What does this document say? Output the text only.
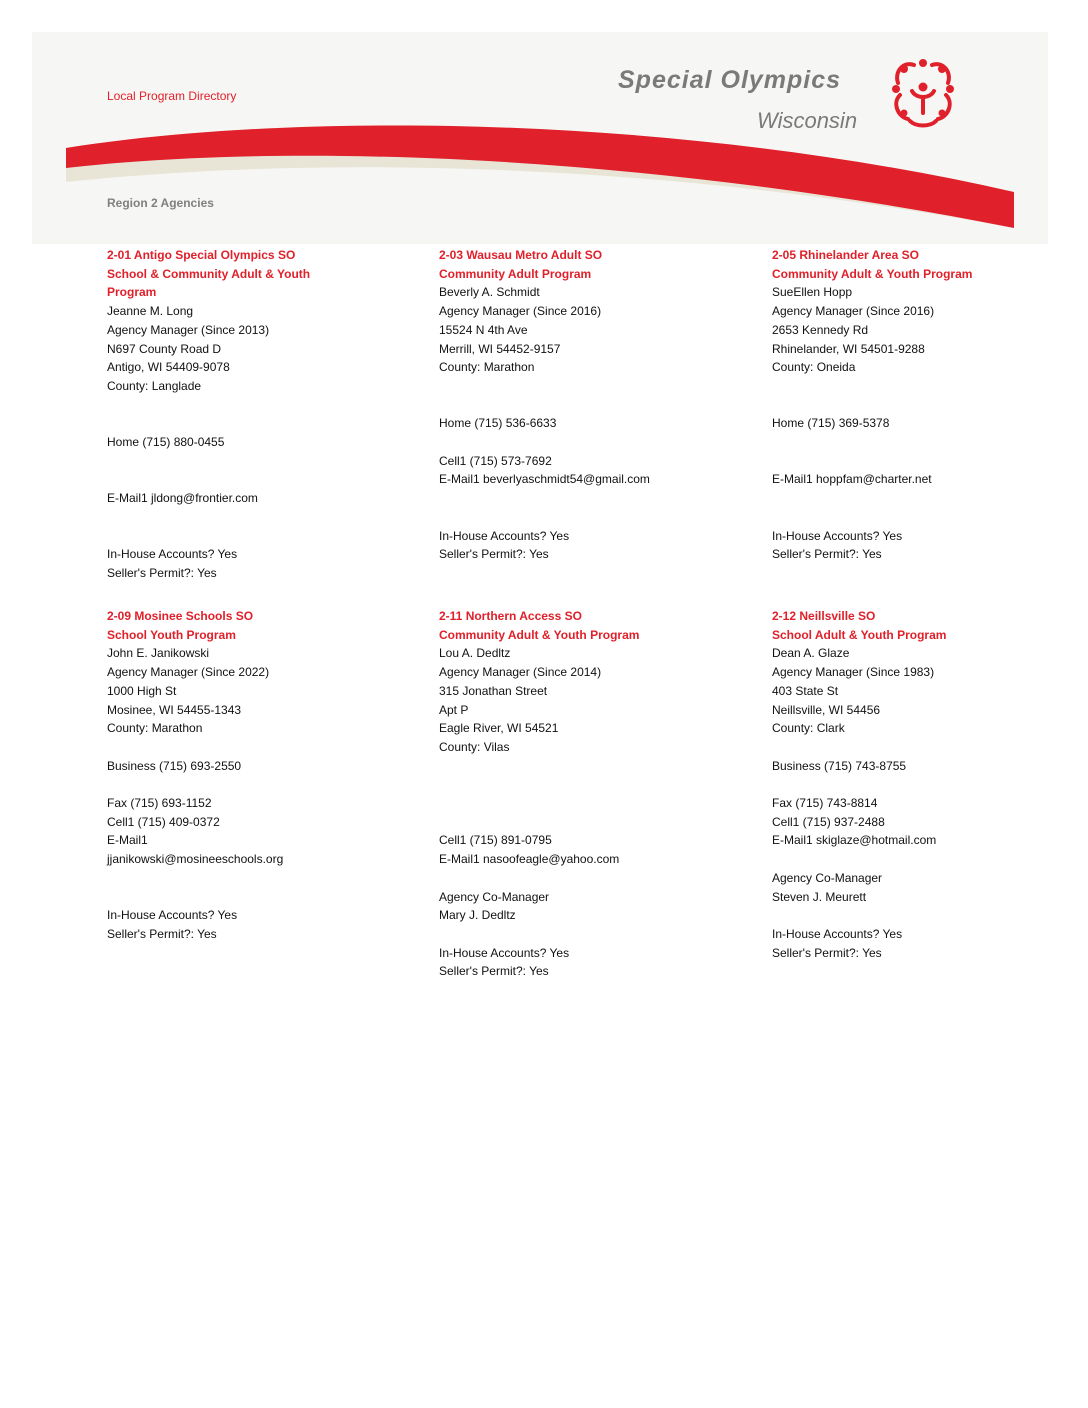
Local Program Directory
Special Olympics
Wisconsin
Region 2 Agencies
2-01 Antigo Special Olympics SO
School & Community Adult & Youth Program
Jeanne M. Long
Agency Manager (Since 2013)
N697 County Road D
Antigo, WI 54409-9078
County: Langlade
Home (715) 880-0455
E-Mail1 jldong@frontier.com
In-House Accounts? Yes
Seller's Permit?: Yes
2-03 Wausau Metro Adult SO
Community Adult Program
Beverly A. Schmidt
Agency Manager (Since 2016)
15524 N 4th Ave
Merrill, WI 54452-9157
County: Marathon
Home (715) 536-6633
Cell1 (715) 573-7692
E-Mail1 beverlyaschmidt54@gmail.com
In-House Accounts? Yes
Seller's Permit?: Yes
2-05 Rhinelander Area SO
Community Adult & Youth Program
SueEllen Hopp
Agency Manager (Since 2016)
2653 Kennedy Rd
Rhinelander, WI 54501-9288
County: Oneida
Home (715) 369-5378
E-Mail1 hoppfam@charter.net
In-House Accounts? Yes
Seller's Permit?: Yes
2-09 Mosinee Schools SO
School Youth Program
John E. Janikowski
Agency Manager (Since 2022)
1000 High St
Mosinee, WI 54455-1343
County: Marathon
Business (715) 693-2550
Fax (715) 693-1152
Cell1 (715) 409-0372
E-Mail1
jjanikowski@mosineeschools.org
In-House Accounts? Yes
Seller's Permit?: Yes
2-11 Northern Access SO
Community Adult & Youth Program
Lou A. Dedltz
Agency Manager (Since 2014)
315 Jonathan Street
Apt P
Eagle River, WI 54521
County: Vilas
Cell1 (715) 891-0795
E-Mail1 nasoofeagle@yahoo.com
Agency Co-Manager
Mary J. Dedltz
In-House Accounts? Yes
Seller's Permit?: Yes
2-12 Neillsville SO
School Adult & Youth Program
Dean A. Glaze
Agency Manager (Since 1983)
403 State St
Neillsville, WI 54456
County: Clark
Business (715) 743-8755
Fax (715) 743-8814
Cell1 (715) 937-2488
E-Mail1 skiglaze@hotmail.com
Agency Co-Manager
Steven J. Meurett
In-House Accounts? Yes
Seller's Permit?: Yes
